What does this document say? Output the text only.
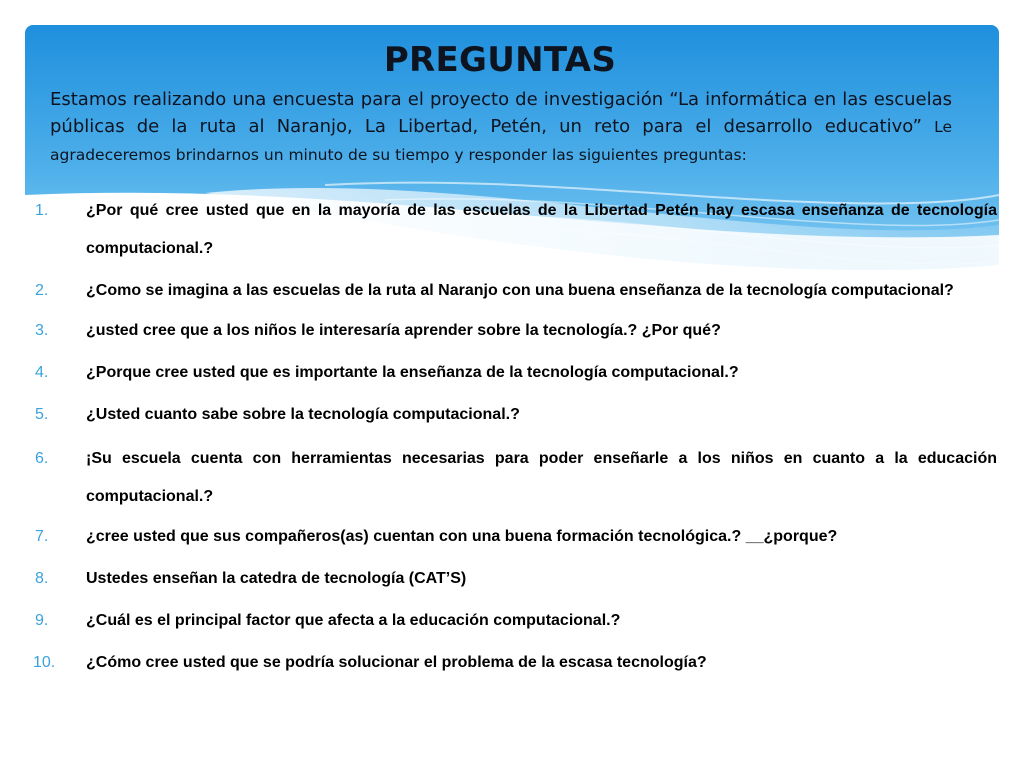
PREGUNTAS

Estamos realizando una encuesta para el proyecto de investigación “La informática en las escuelas públicas de la ruta al Naranjo, La Libertad, Petén, un reto para el desarrollo educativo” Le agradeceremos brindarnos un minuto de su tiempo y responder las siguientes preguntas:

1. ¿Por qué cree usted que en la mayoría de las escuelas de la Libertad Petén hay escasa enseñanza de tecnología computacional.?
2. ¿Como se imagina a las escuelas de la ruta al Naranjo con una buena enseñanza de la tecnología computacional?
3. ¿usted cree que a los niños le interesaría aprender sobre la tecnología.? ¿Por qué?
4. ¿Porque cree usted que es importante la enseñanza de la tecnología computacional.?
5. ¿Usted cuanto sabe sobre la tecnología computacional.?
6. ¡Su escuela cuenta con herramientas necesarias para poder enseñarle a los niños en cuanto a la educación computacional.?
7. ¿cree usted que sus compañeros(as) cuentan con una buena formación tecnológica.? __¿porque?
8. Ustedes enseñan la catedra de tecnología (CAT’S)
9. ¿Cuál es el principal factor que afecta a la educación computacional.?
10. ¿Cómo cree usted que se podría solucionar el problema de la escasa tecnología?
